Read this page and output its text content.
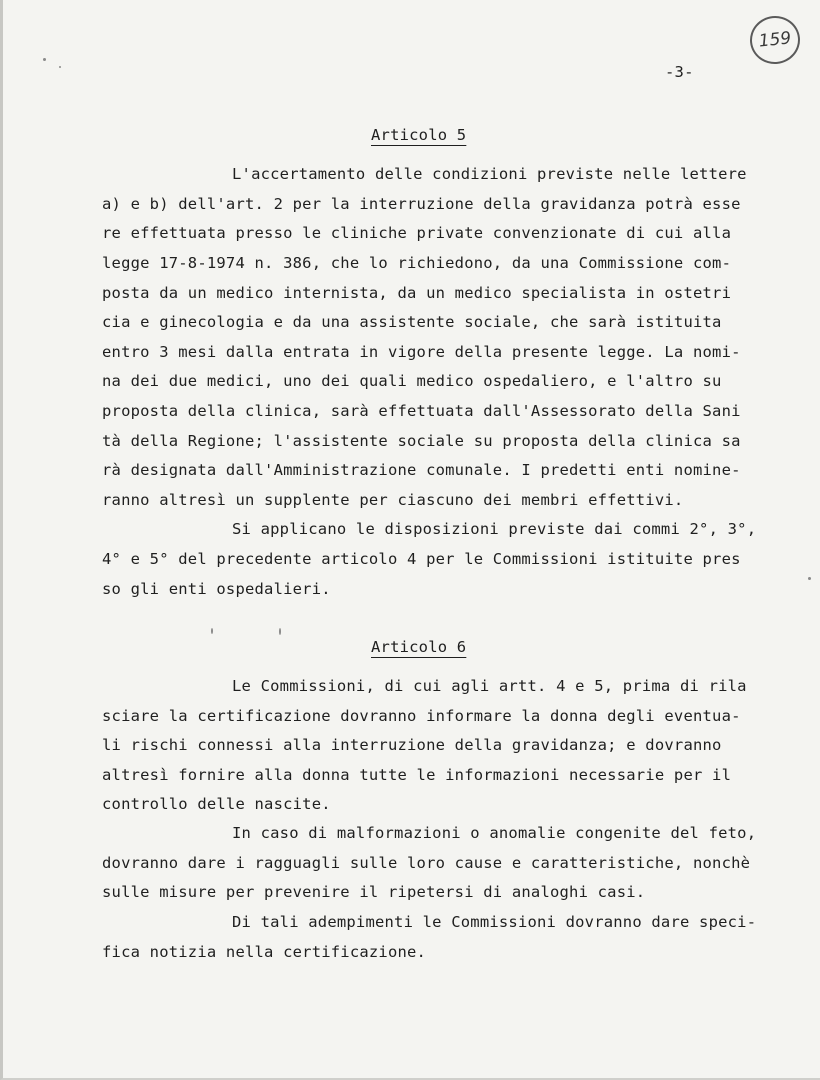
159
-3-
Articolo 5
L'accertamento delle condizioni previste nelle lettere
a) e b) dell'art. 2 per la interruzione della gravidanza potrà esse
re effettuata presso le cliniche private convenzionate di cui alla
legge 17-8-1974 n. 386, che lo richiedono, da una Commissione com-
posta da un medico internista, da un medico specialista in ostetri
cia e ginecologia e da una assistente sociale, che sarà istituita
entro 3 mesi dalla entrata in vigore della presente legge. La nomi-
na dei due medici, uno dei quali medico ospedaliero, e l'altro su
proposta della clinica, sarà effettuata dall'Assessorato della Sani
tà della Regione; l'assistente sociale su proposta della clinica sa
rà designata dall'Amministrazione comunale. I predetti enti nomine-
ranno altresì un supplente per ciascuno dei membri effettivi.
Si applicano le disposizioni previste dai commi 2°, 3°,
4° e 5° del precedente articolo 4 per le Commissioni istituite pres
so gli enti ospedalieri.
Articolo 6
Le Commissioni, di cui agli artt. 4 e 5, prima di rila
sciare la certificazione dovranno informare la donna degli eventua-
li rischi connessi alla interruzione della gravidanza; e dovranno
altresì fornire alla donna tutte le informazioni necessarie per il
controllo delle nascite.
In caso di malformazioni o anomalie congenite del feto,
dovranno dare i ragguagli sulle loro cause e caratteristiche, nonchè
sulle misure per prevenire il ripetersi di analoghi casi.
Di tali adempimenti le Commissioni dovranno dare speci-
fica notizia nella certificazione.
